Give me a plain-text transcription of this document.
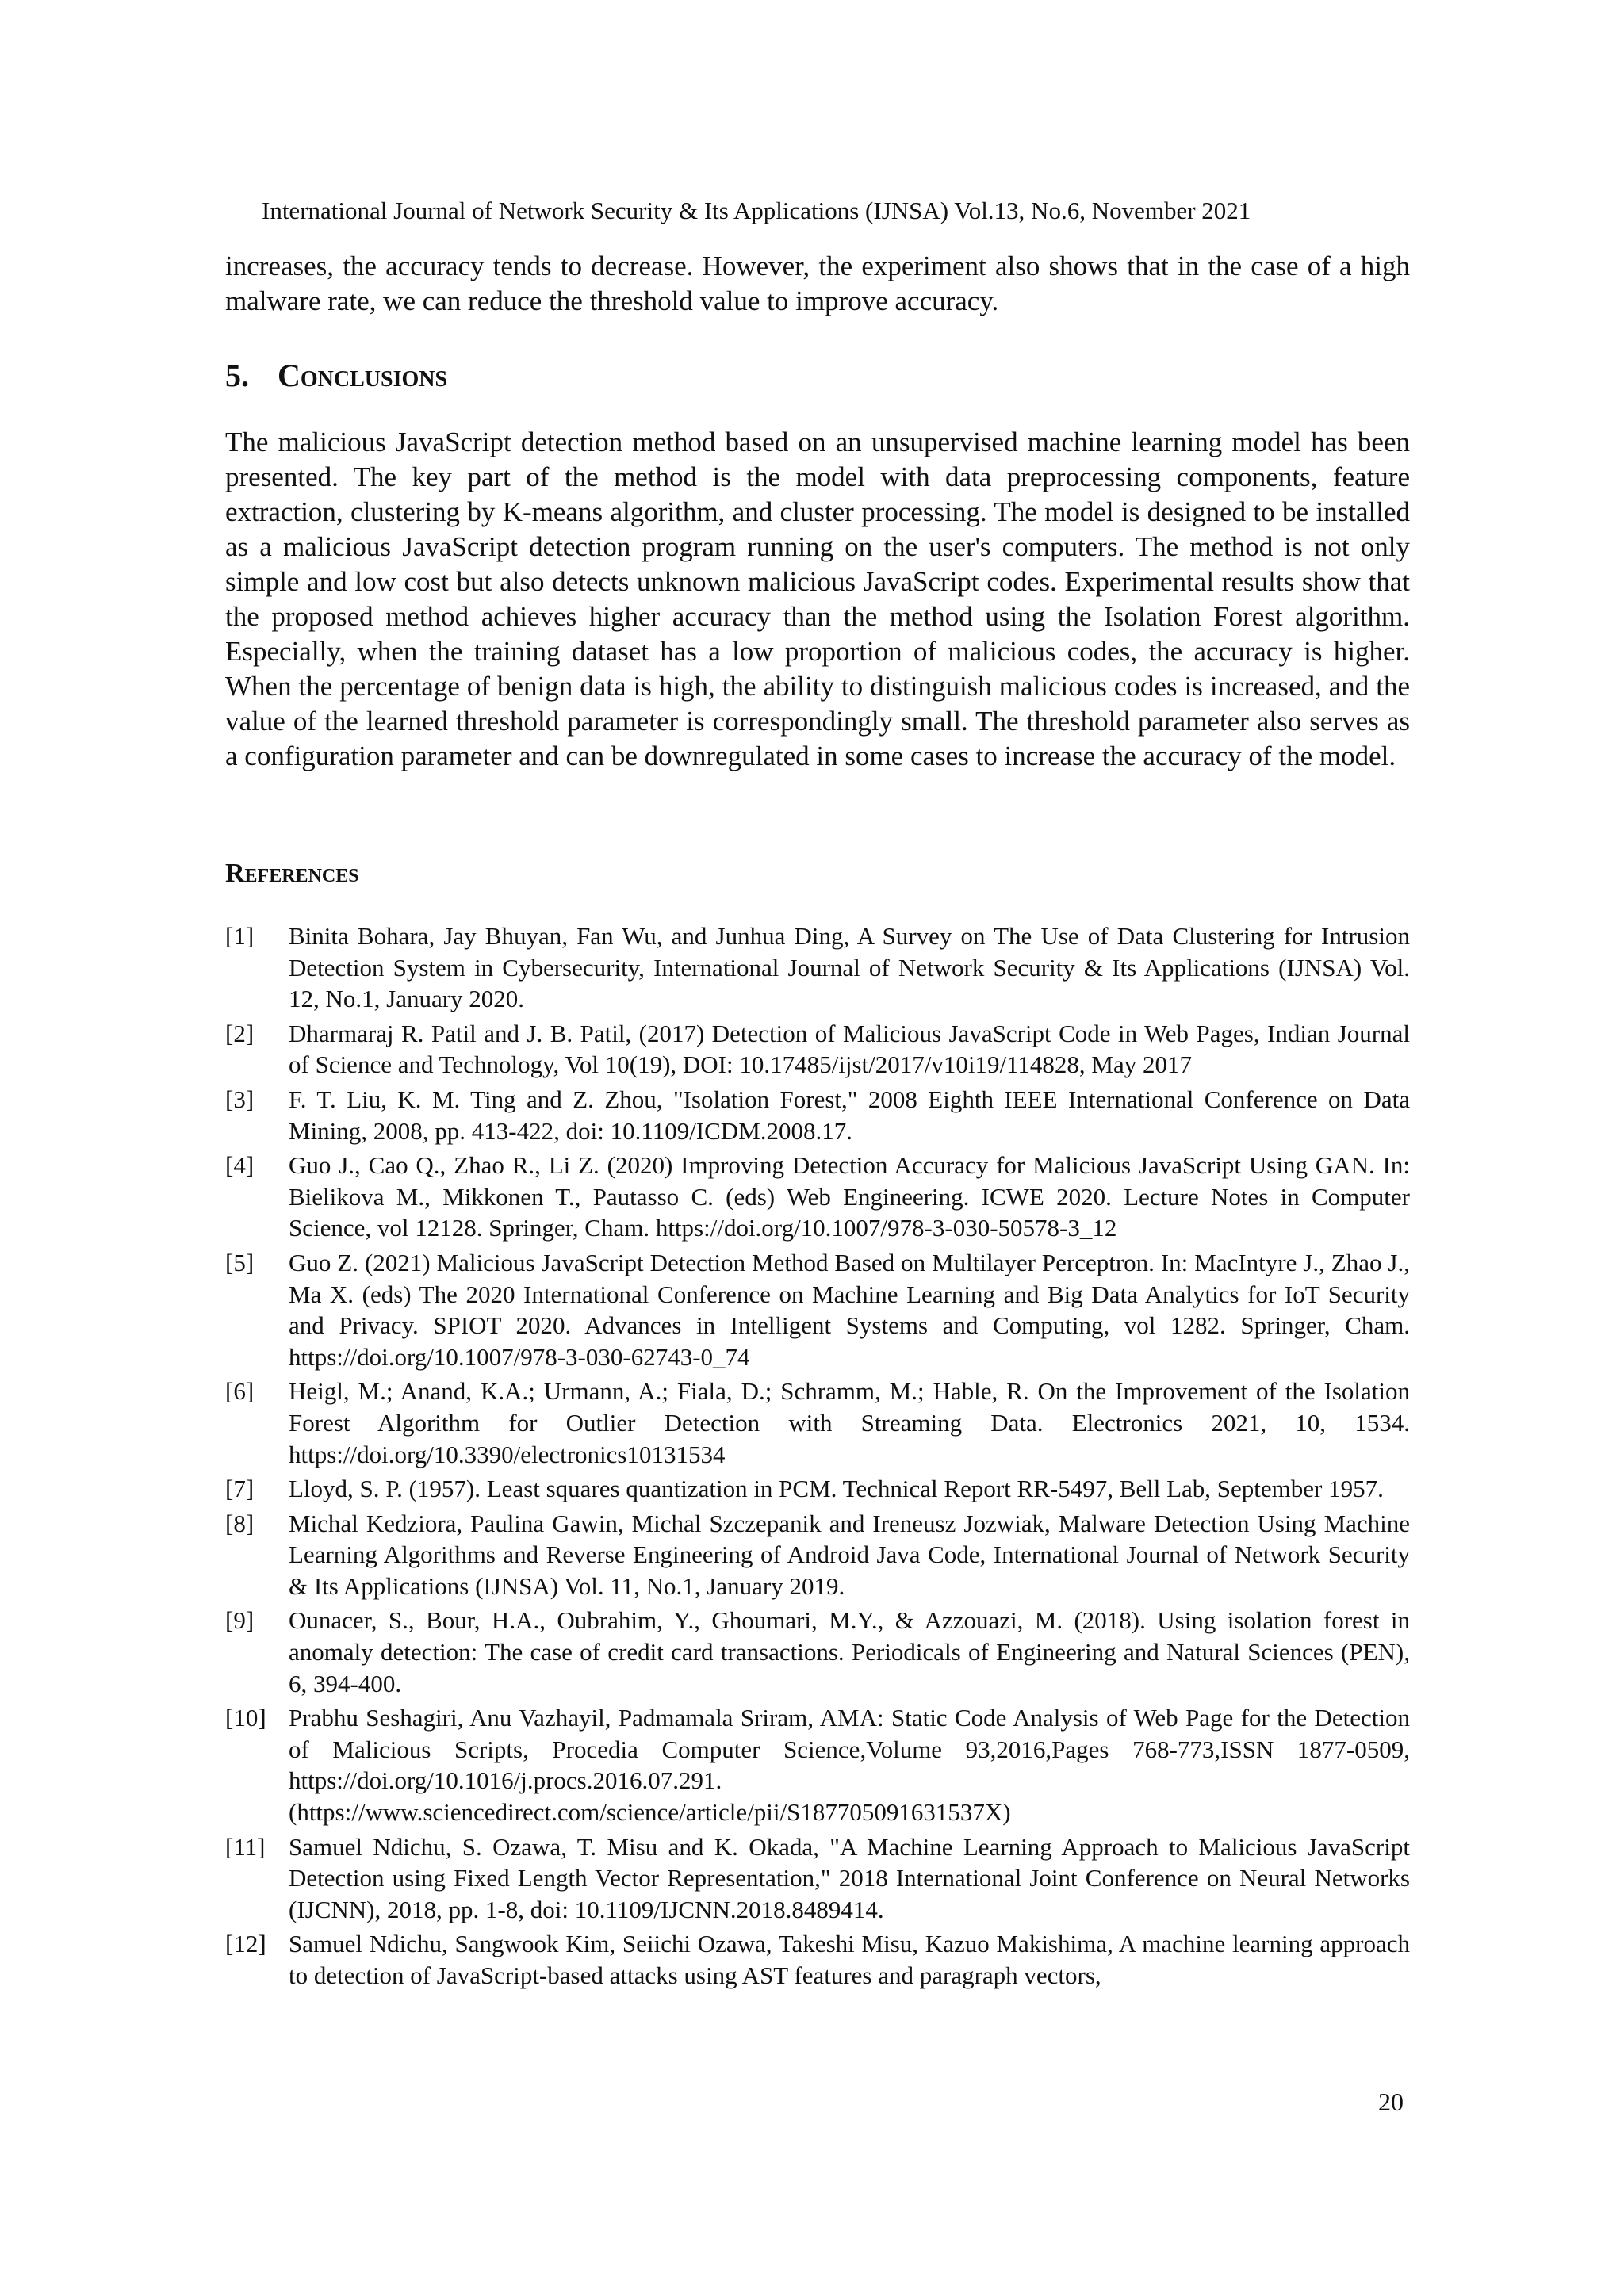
International Journal of Network Security & Its Applications (IJNSA) Vol.13, No.6, November 2021
increases, the accuracy tends to decrease. However, the experiment also shows that in the case of a high malware rate, we can reduce the threshold value to improve accuracy.
5. Conclusions
The malicious JavaScript detection method based on an unsupervised machine learning model has been presented. The key part of the method is the model with data preprocessing components, feature extraction, clustering by K-means algorithm, and cluster processing. The model is designed to be installed as a malicious JavaScript detection program running on the user's computers. The method is not only simple and low cost but also detects unknown malicious JavaScript codes. Experimental results show that the proposed method achieves higher accuracy than the method using the Isolation Forest algorithm. Especially, when the training dataset has a low proportion of malicious codes, the accuracy is higher. When the percentage of benign data is high, the ability to distinguish malicious codes is increased, and the value of the learned threshold parameter is correspondingly small. The threshold parameter also serves as a configuration parameter and can be downregulated in some cases to increase the accuracy of the model.
References
[1] Binita Bohara, Jay Bhuyan, Fan Wu, and Junhua Ding, A Survey on The Use of Data Clustering for Intrusion Detection System in Cybersecurity, International Journal of Network Security & Its Applications (IJNSA) Vol. 12, No.1, January 2020.
[2] Dharmaraj R. Patil and J. B. Patil, (2017) Detection of Malicious JavaScript Code in Web Pages, Indian Journal of Science and Technology, Vol 10(19), DOI: 10.17485/ijst/2017/v10i19/114828, May 2017
[3] F. T. Liu, K. M. Ting and Z. Zhou, "Isolation Forest," 2008 Eighth IEEE International Conference on Data Mining, 2008, pp. 413-422, doi: 10.1109/ICDM.2008.17.
[4] Guo J., Cao Q., Zhao R., Li Z. (2020) Improving Detection Accuracy for Malicious JavaScript Using GAN. In: Bielikova M., Mikkonen T., Pautasso C. (eds) Web Engineering. ICWE 2020. Lecture Notes in Computer Science, vol 12128. Springer, Cham. https://doi.org/10.1007/978-3-030-50578-3_12
[5] Guo Z. (2021) Malicious JavaScript Detection Method Based on Multilayer Perceptron. In: MacIntyre J., Zhao J., Ma X. (eds) The 2020 International Conference on Machine Learning and Big Data Analytics for IoT Security and Privacy. SPIOT 2020. Advances in Intelligent Systems and Computing, vol 1282. Springer, Cham. https://doi.org/10.1007/978-3-030-62743-0_74
[6] Heigl, M.; Anand, K.A.; Urmann, A.; Fiala, D.; Schramm, M.; Hable, R. On the Improvement of the Isolation Forest Algorithm for Outlier Detection with Streaming Data. Electronics 2021, 10, 1534. https://doi.org/10.3390/electronics10131534
[7] Lloyd, S. P. (1957). Least squares quantization in PCM. Technical Report RR-5497, Bell Lab, September 1957.
[8] Michal Kedziora, Paulina Gawin, Michal Szczepanik and Ireneusz Jozwiak, Malware Detection Using Machine Learning Algorithms and Reverse Engineering of Android Java Code, International Journal of Network Security & Its Applications (IJNSA) Vol. 11, No.1, January 2019.
[9] Ounacer, S., Bour, H.A., Oubrahim, Y., Ghoumari, M.Y., & Azzouazi, M. (2018). Using isolation forest in anomaly detection: The case of credit card transactions. Periodicals of Engineering and Natural Sciences (PEN), 6, 394-400.
[10] Prabhu Seshagiri, Anu Vazhayil, Padmamala Sriram, AMA: Static Code Analysis of Web Page for the Detection of Malicious Scripts, Procedia Computer Science,Volume 93,2016,Pages 768-773,ISSN 1877-0509, https://doi.org/10.1016/j.procs.2016.07.291. (https://www.sciencedirect.com/science/article/pii/S187705091631537X)
[11] Samuel Ndichu, S. Ozawa, T. Misu and K. Okada, "A Machine Learning Approach to Malicious JavaScript Detection using Fixed Length Vector Representation," 2018 International Joint Conference on Neural Networks (IJCNN), 2018, pp. 1-8, doi: 10.1109/IJCNN.2018.8489414.
[12] Samuel Ndichu, Sangwook Kim, Seiichi Ozawa, Takeshi Misu, Kazuo Makishima, A machine learning approach to detection of JavaScript-based attacks using AST features and paragraph vectors,
20
